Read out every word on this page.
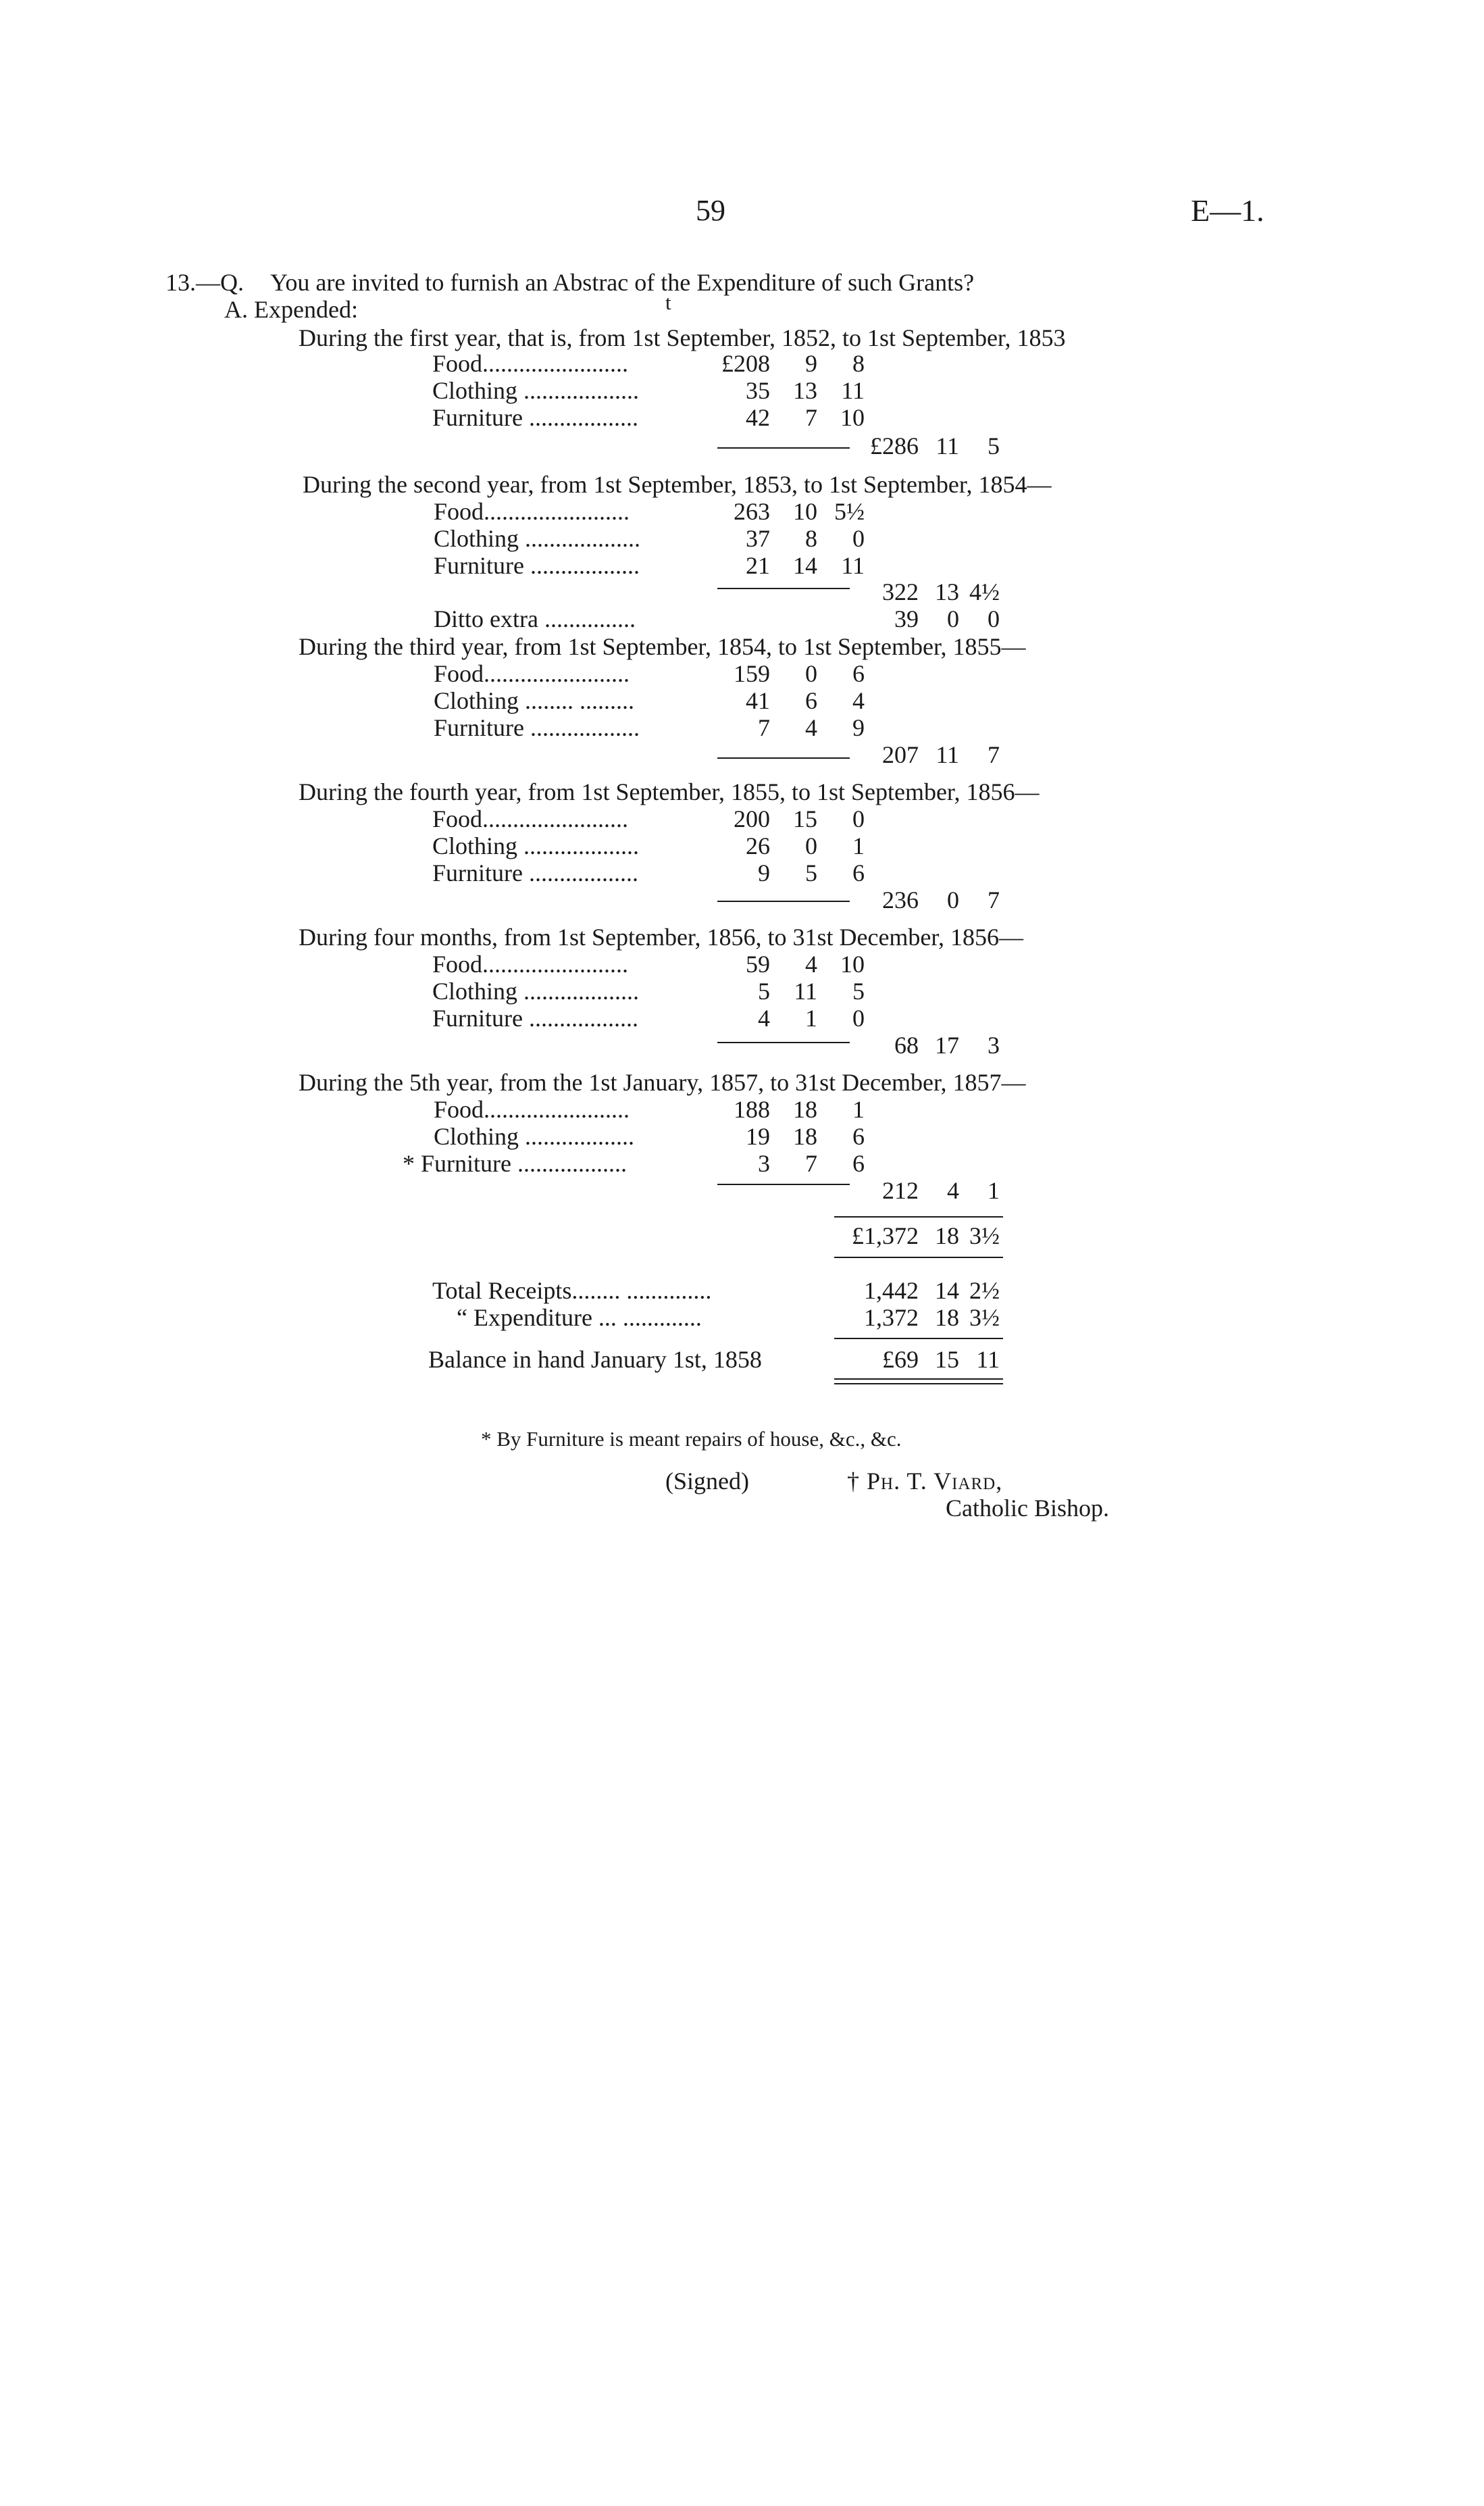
59	E—1.
13.—Q. You are invited to furnish an Abstrac of the Expenditure of such Grants?
t
A. Expended:
During the first year, that is, from 1st September, 1852, to 1st September, 1853
Food........................	£208	9	8
Clothing ...................	35 13 11
Furniture ..................	42	7 10
£286 11	5
During the second year, from 1st September, 1853, to 1st September, 1854—
Food........................	263 10 5½
Clothing ...................	37	8	0
Furniture ..................	21 14 11
322 13 4½
Ditto extra ...............	39	0	0
During the third year, from 1st September, 1854, to 1st September, 1855—
Food........................	159	0	6
Clothing ........ .........	41	6	4
Furniture ..................	7	4	9
207 11	7
During the fourth year, from 1st September, 1855, to 1st September, 1856—
Food........................	200 15	0
Clothing ...................	26	0	1
Furniture ..................	9	5	6
236	0	7
During four months, from 1st September, 1856, to 31st December, 1856—
Food........................	59	4 10
Clothing ...................	5 11	5
Furniture ..................	4	1	0
68 17	3
During the 5th year, from the 1st January, 1857, to 31st December, 1857—
Food........................	188 18	1
Clothing ..................	19 18	6
* Furniture ..................	3	7	6
212	4	1
£1,372 18 3½
Total Receipts........ ..............	1,442 14 2½
“ Expenditure ... .............	1,372 18 3½
Balance in hand January 1st, 1858	£69 15 11
* By Furniture is meant repairs of house, &c., &c.
(Signed)	† Ph. T. Viard,
Catholic Bishop.
